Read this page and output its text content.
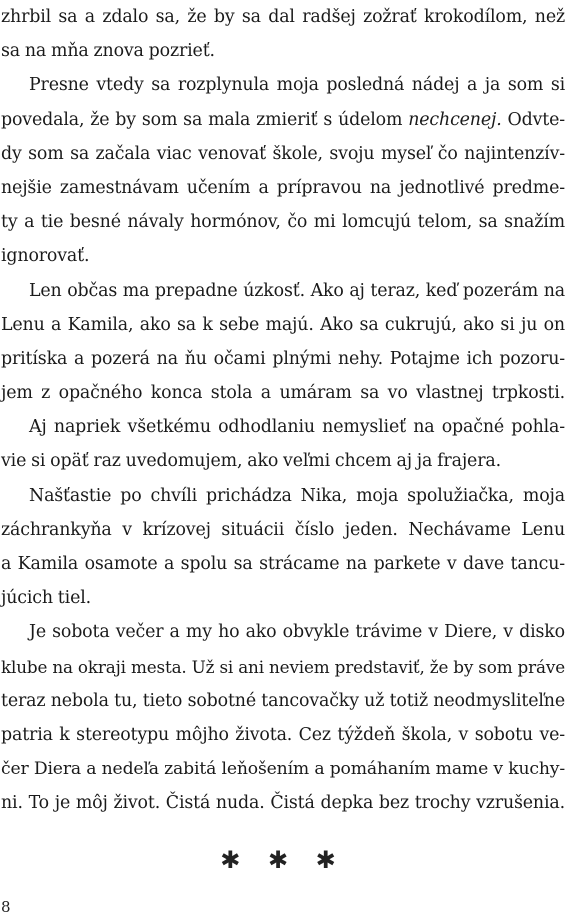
zhrbil sa a zdalo sa, že by sa dal radšej zožrať krokodílom, než
sa na mňa znova pozrieť.
Presne vtedy sa rozplynula moja posledná nádej a ja som si
povedala, že by som sa mala zmieriť s údelom nechcenej. Odvte-
dy som sa začala viac venovať škole, svoju myseľ čo najintenzív-
nejšie zamestnávam učením a prípravou na jednotlivé predme-
ty a tie besné návaly hormónov, čo mi lomcujú telom, sa snažím
ignorovať.
Len občas ma prepadne úzkosť. Ako aj teraz, keď pozerám na
Lenu a Kamila, ako sa k sebe majú. Ako sa cukrujú, ako si ju on
pritíska a pozerá na ňu očami plnými nehy. Potajme ich pozoru-
jem z opačného konca stola a umáram sa vo vlastnej trpkosti.
Aj napriek všetkému odhodlaniu nemyslieť na opačné pohla-
vie si opäť raz uvedomujem, ako veľmi chcem aj ja frajera.
Našťastie po chvíli prichádza Nika, moja spolužiačka, moja
záchrankyňa v krízovej situácii číslo jeden. Nechávame Lenu
a Kamila osamote a spolu sa strácame na parkete v dave tancu-
júcich tiel.
Je sobota večer a my ho ako obvykle trávime v Diere, v disko
klube na okraji mesta. Už si ani neviem predstaviť, že by som práve
teraz nebola tu, tieto sobotné tancovačky už totiž neodmysliteľne
patria k stereotypu môjho života. Cez týždeň škola, v sobotu ve-
čer Diera a nedeľa zabitá leňošením a pomáhaním mame v kuchy-
ni. To je môj život. Čistá nuda. Čistá depka bez trochy vzrušenia.
✱ ✱ ✱
8
